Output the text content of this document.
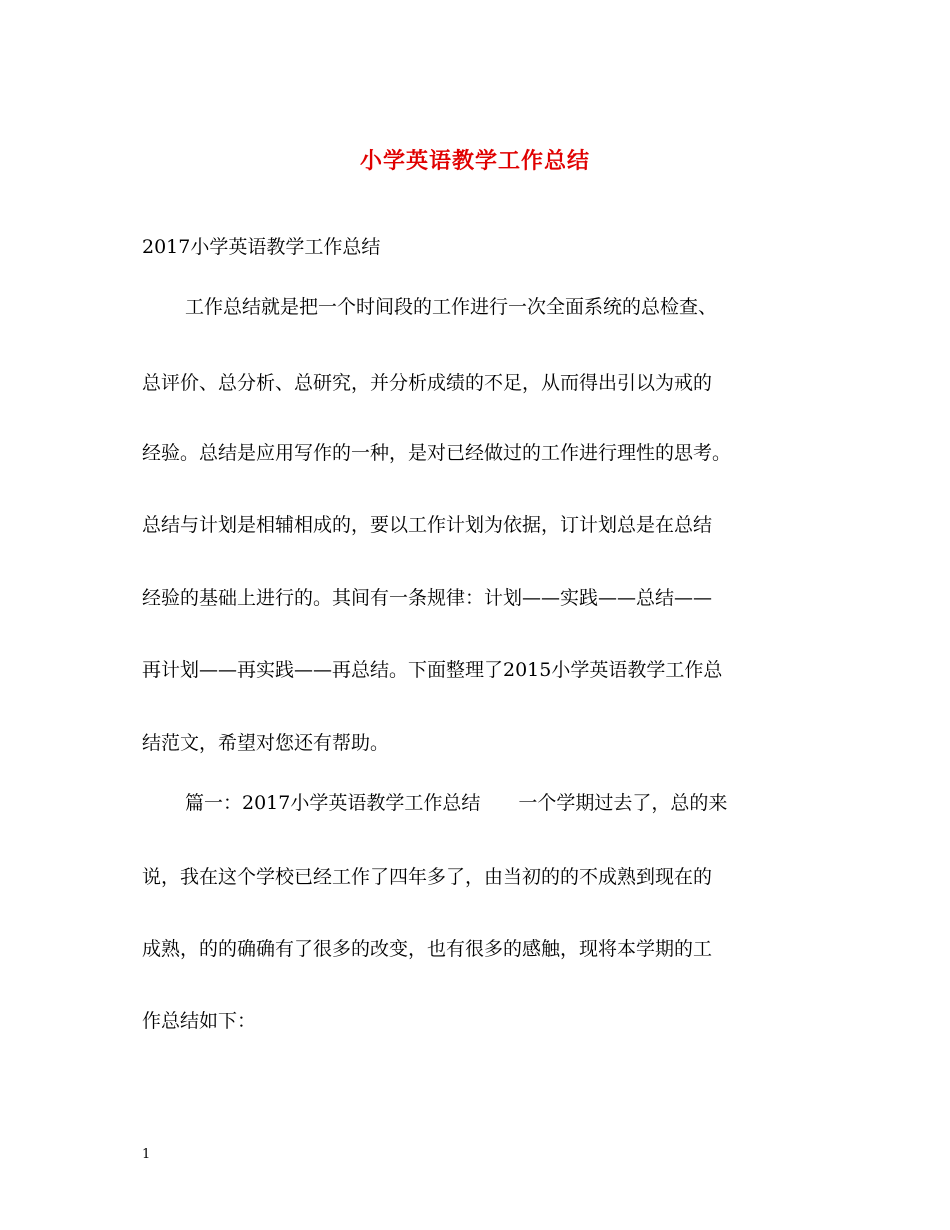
小学英语教学工作总结
2017小学英语教学工作总结
工作总结就是把一个时间段的工作进行一次全面系统的总检查、
总评价、总分析、总研究，并分析成绩的不足，从而得出引以为戒的
经验。总结是应用写作的一种，是对已经做过的工作进行理性的思考。
总结与计划是相辅相成的，要以工作计划为依据，订计划总是在总结
经验的基础上进行的。其间有一条规律：计划——实践——总结——
再计划——再实践——再总结。下面整理了2015小学英语教学工作总
结范文，希望对您还有帮助。
篇一：2017小学英语教学工作总结　　一个学期过去了，总的来
说，我在这个学校已经工作了四年多了，由当初的的不成熟到现在的
成熟，的的确确有了很多的改变，也有很多的感触，现将本学期的工
作总结如下：
1
